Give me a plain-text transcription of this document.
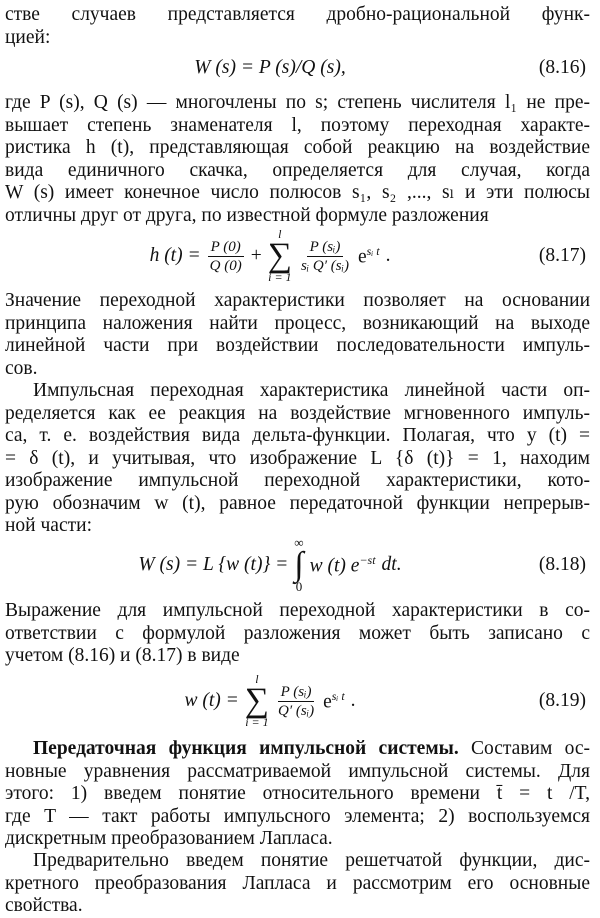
стве случаев представляется дробно-рациональной функ-
цией:
W (s) = P (s)/Q (s),	(8.16)
где P (s), Q (s) — многочлены по s; степень числителя l₁ не пре-
вышает степень знаменателя l, поэтому переходная характе-
ристика h (t), представляющая собой реакцию на воздействие
вида единичного скачка, определяется для случая, когда
W (s) имеет конечное число полюсов s₁, s₂ ,..., sₗ и эти полюсы
отличны друг от друга, по известной формуле разложения
h $(t) = \frac{P (0)}{Q (0)}$ +
l
∑
i = 1
$\frac{\text{P (sᵢ)}}{\text{sᵢ Q′ (sᵢ)}} e^{sᵢ t}$ .	(8.17)
Значение переходной характеристики позволяет на основании
принципа наложения найти процесс, возникающий на выходе
линейной части при воздействии последовательности импуль-
сов.
Импульсная переходная характеристика линейной части оп-
ределяется как ее реакция на воздействие мгновенного импуль-
са, т. е. воздействия вида дельта-функции. Полагая, что y (t) =
= δ (t), и учитывая, что изображение L {δ (t)} = 1, находим
изображение импульсной переходной характеристики, кото-
рую обозначим w (t), равное передаточной функции непрерыв-
ной части:
W (s) = L {w (t)} =
∞
∫
0
w (t) $e^{-st}$ dt.	(8.18)
Выражение для импульсной переходной характеристики в со-
ответствии с формулой разложения может быть записано с
учетом (8.16) и (8.17) в виде
w (t) =
l
∑
i = 1
$\frac{\text{P (sᵢ)}}{\text{Q′ (sᵢ)}} e^{sᵢ t}$ .	(8.19)
Передаточная функция импульсной системы. Составим ос-
новные уравнения рассматриваемой импульсной системы. Для
этого: 1) введем понятие относительного времени t̄ = t /T,
где T — такт работы импульсного элемента; 2) воспользуемся
дискретным преобразованием Лапласа.
Предварительно введем понятие решетчатой функции, дис-
кретного преобразования Лапласа и рассмотрим его основные
свойства.
